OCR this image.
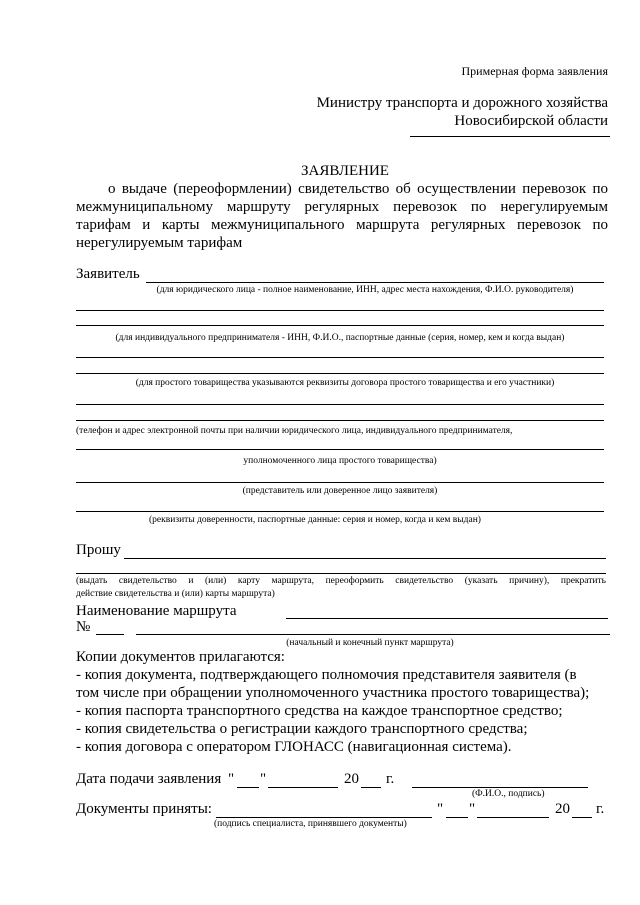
Примерная форма заявления
Министру транспорта и дорожного хозяйства
Новосибирской области
ЗАЯВЛЕНИЕ
о выдаче (переоформлении) свидетельство об осуществлении перевозок по
межмуниципальному маршруту регулярных перевозок по нерегулируемым
тарифам и карты межмуниципального маршрута регулярных перевозок по
нерегулируемым тарифам
Заявитель
(для юридического лица - полное наименование, ИНН, адрес места нахождения, Ф.И.О. руководителя)
(для индивидуального предпринимателя - ИНН, Ф.И.О., паспортные данные (серия, номер, кем и когда выдан)
(для простого товарищества указываются реквизиты договора простого товарищества и его участники)
(телефон и адрес электронной почты при наличии юридического лица, индивидуального предпринимателя,
уполномоченного лица простого товарищества)
(представитель или доверенное лицо заявителя)
(реквизиты доверенности, паспортные данные: серия и номер, когда и кем выдан)
Прошу
(выдать свидетельство и (или) карту маршрута, переоформить свидетельство (указать причину), прекратить
действие свидетельства и (или) карты маршрута)
Наименование маршрута
№
(начальный и конечный пункт маршрута)
Копии документов прилагаются:
- копия документа, подтверждающего полномочия представителя заявителя (в
том числе при обращении уполномоченного участника простого товарищества);
- копия паспорта транспортного средства на каждое транспортное средство;
- копия свидетельства о регистрации каждого транспортного средства;
- копия договора с оператором ГЛОНАСС (навигационная система).
Дата подачи заявления " "	20 г.
(Ф.И.О., подпись)
Документы приняты:	" "	20 г.
(подпись специалиста, принявшего документы)
